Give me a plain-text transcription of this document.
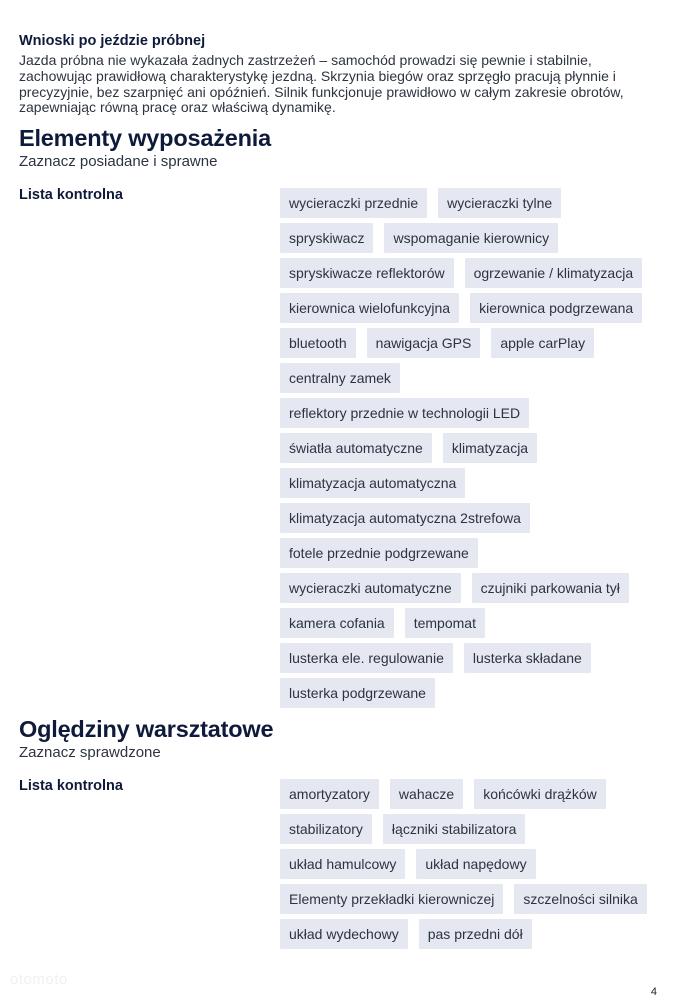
Wnioski po jeździe próbnej
Jazda próbna nie wykazała żadnych zastrzeżeń – samochód prowadzi się pewnie i stabilnie, zachowując prawidłową charakterystykę jezdną. Skrzynia biegów oraz sprzęgło pracują płynnie i precyzyjnie, bez szarpnięć ani opóźnień. Silnik funkcjonuje prawidłowo w całym zakresie obrotów, zapewniając równą pracę oraz właściwą dynamikę.
Elementy wyposażenia
Zaznacz posiadane i sprawne
Lista kontrolna	wycieraczki przednie	wycieraczki tylne
spryskiwacz	wspomaganie kierownicy
spryskiwacze reflektorów	ogrzewanie / klimatyzacja
kierownica wielofunkcyjna	kierownica podgrzewana
bluetooth	nawigacja GPS	apple carPlay
centralny zamek
reflektory przednie w technologii LED
światła automatyczne	klimatyzacja
klimatyzacja automatyczna
klimatyzacja automatyczna 2strefowa
fotele przednie podgrzewane
wycieraczki automatyczne	czujniki parkowania tył
kamera cofania	tempomat
lusterka ele. regulowanie	lusterka składane
lusterka podgrzewane
Oględziny warsztatowe
Zaznacz sprawdzone
Lista kontrolna	amortyzatory	wahacze	końcówki drążków
stabilizatory	łączniki stabilizatora
układ hamulcowy	układ napędowy
Elementy przekładki kierowniczej	szczelności silnika
układ wydechowy	pas przedni dół
otomoto
4
